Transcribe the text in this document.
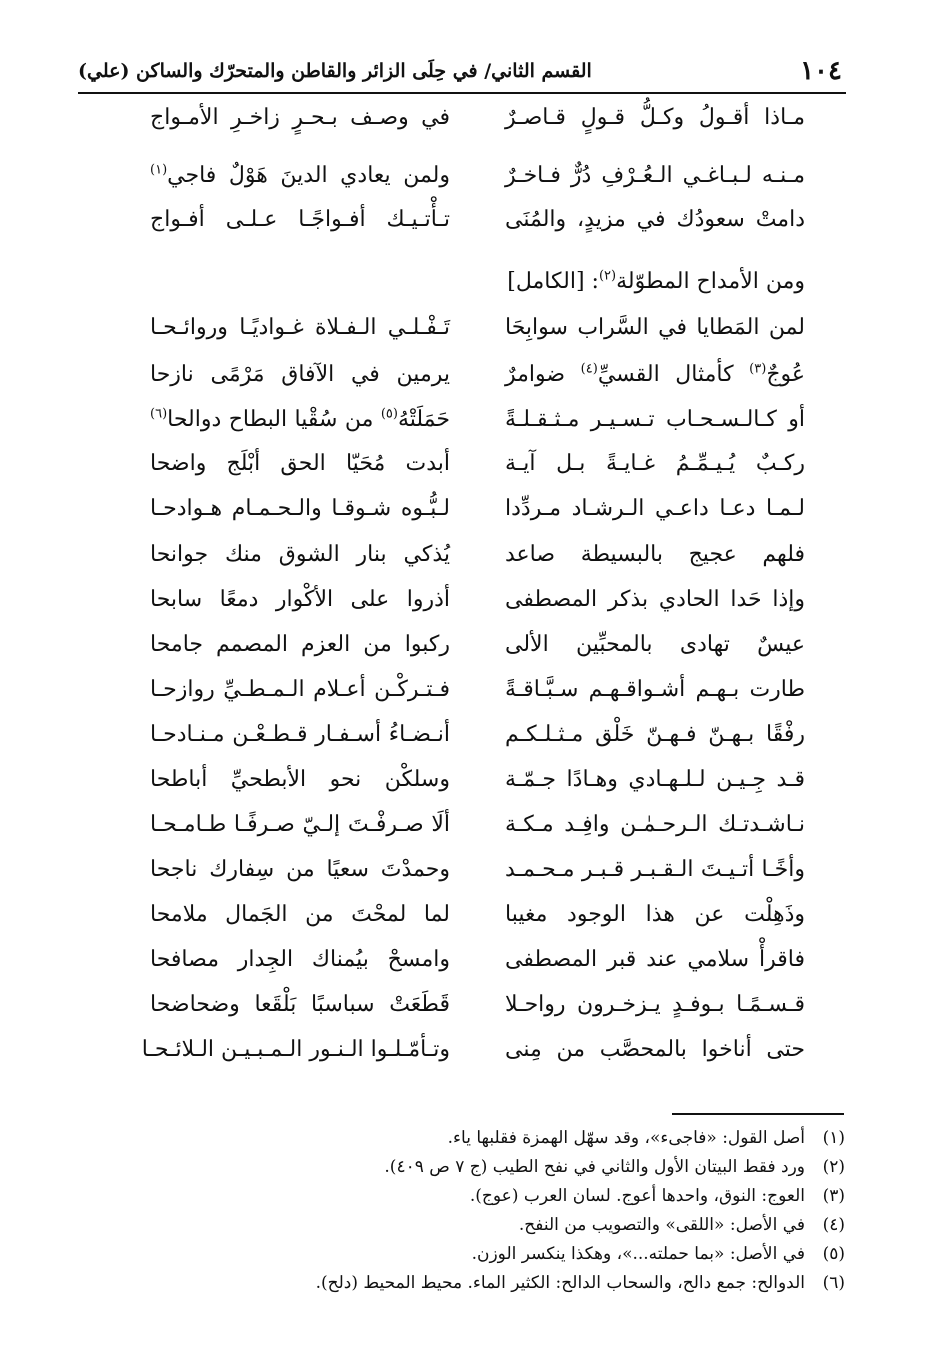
١٠٤
القسم الثاني/ في حِلَى الزائر والقاطن والمتحرّك والساكن (علي)
مـاذا أقـولُ وكـلُّ قـولٍ قـاصـرٌ
في وصـف بـحـرٍ زاخـرِ الأمـواج
مـنـه لـبـاغـي الـعُـرْفِ دُرٌّ فـاخـرٌ
ولمن يعادي الدينَ هَوْلٌ فاجي$^{(١)}$
دامتْ سعودُك في مزيدٍ، والمُنَى
تـأْتـيـك أفـواجًـا عـلـى أفـواج
ومن الأمداح المطوّلة$^{(٢)}$: [الكامل]
لمن المَطايا في السَّراب سوابِحَا
تَـفْـلـي الـفـلاة غـواديًـا وروائـحـا
عُوجٌ$^{(٣)}$ كأمثال القسيِّ$^{(٤)}$ ضوامرٌ
يرمين في الآفاق مَرْمًى نازحا
أو كـالـسـحـاب تـسـيـر مـثـقـلـةً
حَمَلَتْهُ$^{(٥)}$ من سُقْيا البطاح دوالحا$^{(٦)}$
ركـبٌ يُـيـمِّـمُ غـايـةً بـل آيـة
أبدت مُحَيّا الحق أبْلَج واضحا
لـمـا دعـا داعـي الـرشـاد مـردِّدا
لـبُّـوه شـوقـا والـحـمـام هـوادحـا
فلهم عجيج بالبسيطة صاعد
يُذكي بنار الشوق منك جوانحا
وإذا حَدا الحادي بذكر المصطفى
أذروا على الأكْوار دمعًا سابحا
عيسٌ تهادى بالمحبِّين الألى
ركبوا من العزم المصمم جامحا
طارت بـهـم أشـواقـهـم سـبَّـاقـةً
فـتـركْـن أعـلام الـمـطـيِّ روازحـا
رفْقًا بـهـنّ فـهـنّ خَلْق مـثـلـكـم
أنـضـاءُ أسـفـار قـطـعْـن مـنـادحـا
قـد جِـيـن لـلـهـادي وهـادًا جـمّـة
وسلكْن نحو الأبطحيِّ أباطحا
نـاشـدتـك الـرحـمٰـن وافِـد مـكـة
ألَا صـرفْـتَ إلـيّ صـرفًـا طـامـحـا
وأخًـا أتـيـتَ الـقـبـر قـبـر مـحـمـد
وحمدْتَ سعيًا من سِفارك ناجحا
وذَهِلْت عن هذا الوجود مغيبا
لما لمحْتَ من الجَمال ملامحا
فاقرأْ سلامي عند قبر المصطفى
وامسحْ بيُمناك الجِدار مصافحا
قـسـمًـا بـوفـدٍ يـزخـرون رواحـلا
قَطَعَتْ سباسبًا بَلْقَعا وضحاضحا
حتى أناخوا بالمحصَّب من مِنى
وتـأمّـلـوا الـنـور الـمـبـيـن الـلائـحـا
(١)أصل القول: «فاجىء»، وقد سهّل الهمزة فقلبها ياء.
(٢)ورد فقط البيتان الأول والثاني في نفح الطيب (ج ٧ ص ٤٠٩).
(٣)العوج: النوق، واحدها أعوج. لسان العرب (عوج).
(٤)في الأصل: «اللقى» والتصويب من النفح.
(٥)في الأصل: «بما حملته...»، وهكذا ينكسر الوزن.
(٦)الدوالح: جمع دالح، والسحاب الدالح: الكثير الماء. محيط المحيط (دلح).
